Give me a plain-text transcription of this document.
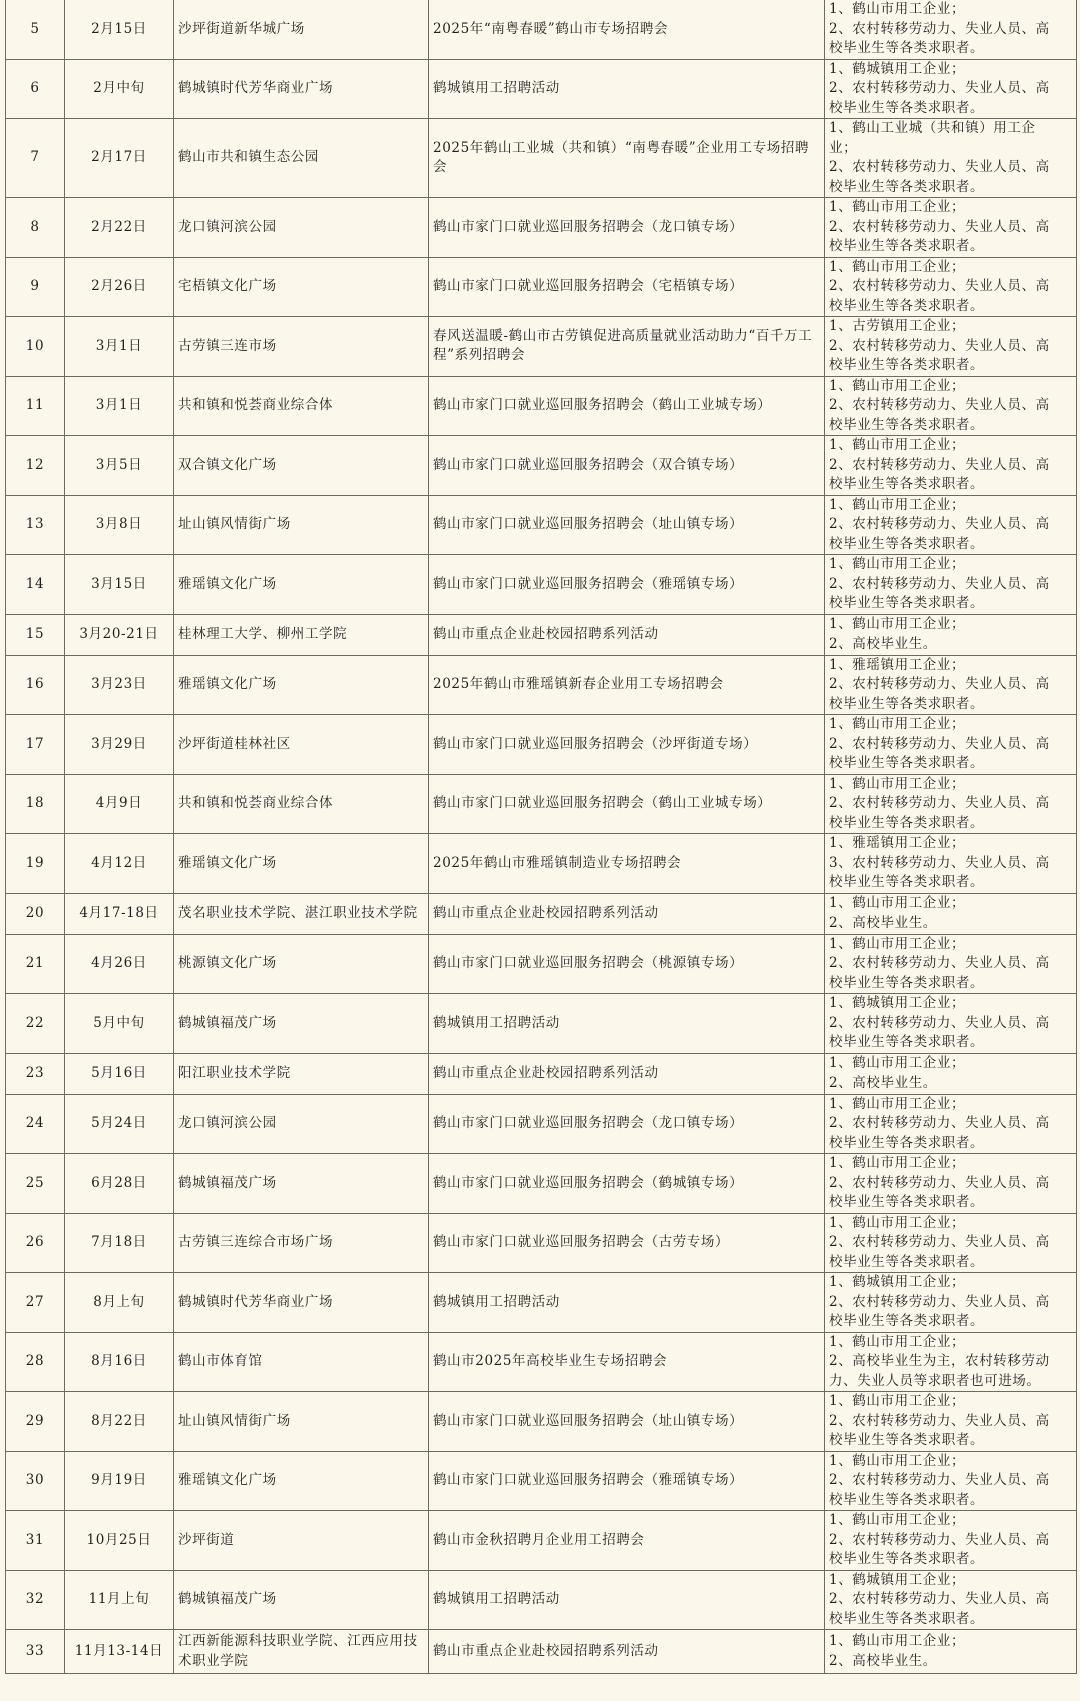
5	2月15日	沙坪街道新华城广场	2025年“南粤春暖”鹤山市专场招聘会	1、鹤山市用工企业；
2、农村转移劳动力、失业人员、高
校毕业生等各类求职者。

6	2月中旬	鹤城镇时代芳华商业广场	鹤城镇用工招聘活动	1、鹤城镇用工企业；
2、农村转移劳动力、失业人员、高
校毕业生等各类求职者。

7	2月17日	鹤山市共和镇生态公园	2025年鹤山工业城（共和镇）“南粤春暖”企业用工专场招聘会	1、鹤山工业城（共和镇）用工企
业；
2、农村转移劳动力、失业人员、高
校毕业生等各类求职者。

8	2月22日	龙口镇河滨公园	鹤山市家门口就业巡回服务招聘会（龙口镇专场）	1、鹤山市用工企业；
2、农村转移劳动力、失业人员、高
校毕业生等各类求职者。

9	2月26日	宅梧镇文化广场	鹤山市家门口就业巡回服务招聘会（宅梧镇专场）	1、鹤山市用工企业；
2、农村转移劳动力、失业人员、高
校毕业生等各类求职者。

10	3月1日	古劳镇三连市场	春风送温暖-鹤山市古劳镇促进高质量就业活动助力“百千万工程”系列招聘会	1、古劳镇用工企业；
2、农村转移劳动力、失业人员、高
校毕业生等各类求职者。

11	3月1日	共和镇和悦荟商业综合体	鹤山市家门口就业巡回服务招聘会（鹤山工业城专场）	1、鹤山市用工企业；
2、农村转移劳动力、失业人员、高
校毕业生等各类求职者。

12	3月5日	双合镇文化广场	鹤山市家门口就业巡回服务招聘会（双合镇专场）	1、鹤山市用工企业；
2、农村转移劳动力、失业人员、高
校毕业生等各类求职者。

13	3月8日	址山镇风情街广场	鹤山市家门口就业巡回服务招聘会（址山镇专场）	1、鹤山市用工企业；
2、农村转移劳动力、失业人员、高
校毕业生等各类求职者。

14	3月15日	雅瑶镇文化广场	鹤山市家门口就业巡回服务招聘会（雅瑶镇专场）	1、鹤山市用工企业；
2、农村转移劳动力、失业人员、高
校毕业生等各类求职者。

15	3月20-21日	桂林理工大学、柳州工学院	鹤山市重点企业赴校园招聘系列活动	1、鹤山市用工企业；
2、高校毕业生。

16	3月23日	雅瑶镇文化广场	2025年鹤山市雅瑶镇新春企业用工专场招聘会	1、雅瑶镇用工企业；
2、农村转移劳动力、失业人员、高
校毕业生等各类求职者。

17	3月29日	沙坪街道桂林社区	鹤山市家门口就业巡回服务招聘会（沙坪街道专场）	1、鹤山市用工企业；
2、农村转移劳动力、失业人员、高
校毕业生等各类求职者。

18	4月9日	共和镇和悦荟商业综合体	鹤山市家门口就业巡回服务招聘会（鹤山工业城专场）	1、鹤山市用工企业；
2、农村转移劳动力、失业人员、高
校毕业生等各类求职者。

19	4月12日	雅瑶镇文化广场	2025年鹤山市雅瑶镇制造业专场招聘会	1、雅瑶镇用工企业；
3、农村转移劳动力、失业人员、高
校毕业生等各类求职者。

20	4月17-18日	茂名职业技术学院、湛江职业技术学院	鹤山市重点企业赴校园招聘系列活动	1、鹤山市用工企业；
2、高校毕业生。

21	4月26日	桃源镇文化广场	鹤山市家门口就业巡回服务招聘会（桃源镇专场）	1、鹤山市用工企业；
2、农村转移劳动力、失业人员、高
校毕业生等各类求职者。

22	5月中旬	鹤城镇福茂广场	鹤城镇用工招聘活动	1、鹤城镇用工企业；
2、农村转移劳动力、失业人员、高
校毕业生等各类求职者。

23	5月16日	阳江职业技术学院	鹤山市重点企业赴校园招聘系列活动	1、鹤山市用工企业；
2、高校毕业生。

24	5月24日	龙口镇河滨公园	鹤山市家门口就业巡回服务招聘会（龙口镇专场）	1、鹤山市用工企业；
2、农村转移劳动力、失业人员、高
校毕业生等各类求职者。

25	6月28日	鹤城镇福茂广场	鹤山市家门口就业巡回服务招聘会（鹤城镇专场）	1、鹤山市用工企业；
2、农村转移劳动力、失业人员、高
校毕业生等各类求职者。

26	7月18日	古劳镇三连综合市场广场	鹤山市家门口就业巡回服务招聘会（古劳专场）	1、鹤山市用工企业；
2、农村转移劳动力、失业人员、高
校毕业生等各类求职者。

27	8月上旬	鹤城镇时代芳华商业广场	鹤城镇用工招聘活动	1、鹤城镇用工企业；
2、农村转移劳动力、失业人员、高
校毕业生等各类求职者。

28	8月16日	鹤山市体育馆	鹤山市2025年高校毕业生专场招聘会	1、鹤山市用工企业；
2、高校毕业生为主，农村转移劳动
力、失业人员等求职者也可进场。

29	8月22日	址山镇风情街广场	鹤山市家门口就业巡回服务招聘会（址山镇专场）	1、鹤山市用工企业；
2、农村转移劳动力、失业人员、高
校毕业生等各类求职者。

30	9月19日	雅瑶镇文化广场	鹤山市家门口就业巡回服务招聘会（雅瑶镇专场）	1、鹤山市用工企业；
2、农村转移劳动力、失业人员、高
校毕业生等各类求职者。

31	10月25日	沙坪街道	鹤山市金秋招聘月企业用工招聘会	1、鹤山市用工企业；
2、农村转移劳动力、失业人员、高
校毕业生等各类求职者。

32	11月上旬	鹤城镇福茂广场	鹤城镇用工招聘活动	1、鹤城镇用工企业；
2、农村转移劳动力、失业人员、高
校毕业生等各类求职者。

33	11月13-14日	江西新能源科技职业学院、江西应用技术职业学院	鹤山市重点企业赴校园招聘系列活动	1、鹤山市用工企业；
2、高校毕业生。
